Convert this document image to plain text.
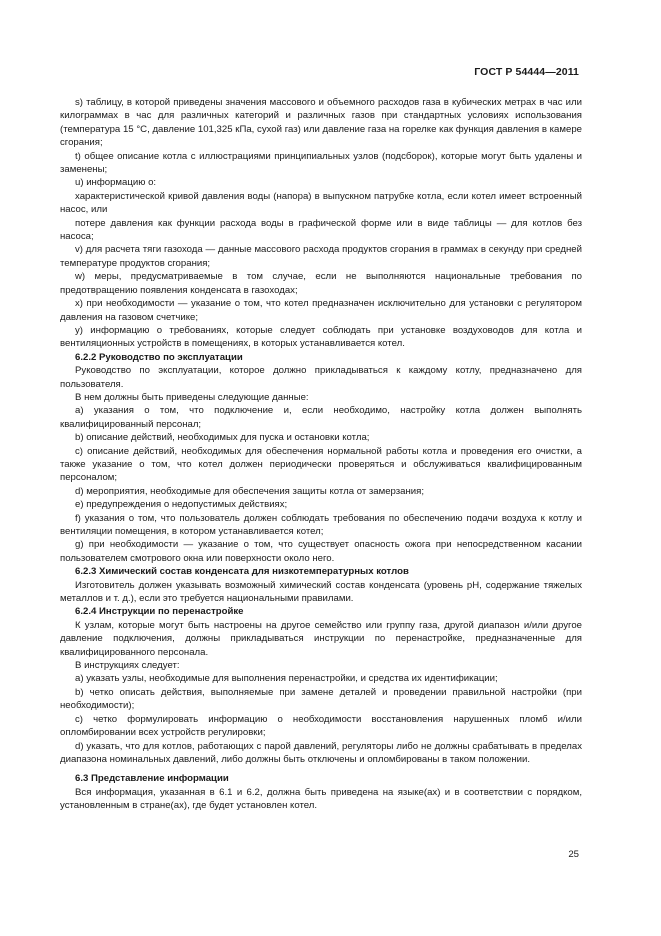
ГОСТ Р 54444—2011

s) таблицу, в которой приведены значения массового и объемного расходов газа в кубических метрах в час или килограммах в час для различных категорий и различных газов при стандартных условиях использования (температура 15 °C, давление 101,325 кПа, сухой газ) или давление газа на горелке как функция давления в камере сгорания;

t) общее описание котла с иллюстрациями принципиальных узлов (подсборок), которые могут быть удалены и заменены;

u) информацию о:

характеристической кривой давления воды (напора) в выпускном патрубке котла, если котел имеет встроенный насос, или

потере давления как функции расхода воды в графической форме или в виде таблицы — для котлов без насоса;

v) для расчета тяги газохода — данные массового расхода продуктов сгорания в граммах в секунду при средней температуре продуктов сгорания;

w) меры, предусматриваемые в том случае, если не выполняются национальные требования по предотвращению появления конденсата в газоходах;

x) при необходимости — указание о том, что котел предназначен исключительно для установки с регулятором давления на газовом счетчике;

y) информацию о требованиях, которые следует соблюдать при установке воздуховодов для котла и вентиляционных устройств в помещениях, в которых устанавливается котел.

6.2.2 Руководство по эксплуатации

Руководство по эксплуатации, которое должно прикладываться к каждому котлу, предназначено для пользователя.

В нем должны быть приведены следующие данные:

a) указания о том, что подключение и, если необходимо, настройку котла должен выполнять квалифицированный персонал;

b) описание действий, необходимых для пуска и остановки котла;

c) описание действий, необходимых для обеспечения нормальной работы котла и проведения его очистки, а также указание о том, что котел должен периодически проверяться и обслуживаться квалифицированным персоналом;

d) мероприятия, необходимые для обеспечения защиты котла от замерзания;

e) предупреждения о недопустимых действиях;

f) указания о том, что пользователь должен соблюдать требования по обеспечению подачи воздуха к котлу и вентиляции помещения, в котором устанавливается котел;

g) при необходимости — указание о том, что существует опасность ожога при непосредственном касании пользователем смотрового окна или поверхности около него.

6.2.3 Химический состав конденсата для низкотемпературных котлов

Изготовитель должен указывать возможный химический состав конденсата (уровень pH, содержание тяжелых металлов и т. д.), если это требуется национальными правилами.

6.2.4 Инструкции по перенастройке

К узлам, которые могут быть настроены на другое семейство или группу газа, другой диапазон и/или другое давление подключения, должны прикладываться инструкции по перенастройке, предназначенные для квалифицированного персонала.

В инструкциях следует:

a) указать узлы, необходимые для выполнения перенастройки, и средства их идентификации;

b) четко описать действия, выполняемые при замене деталей и проведении правильной настройки (при необходимости);

c) четко формулировать информацию о необходимости восстановления нарушенных пломб и/или опломбировании всех устройств регулировки;

d) указать, что для котлов, работающих с парой давлений, регуляторы либо не должны срабатывать в пределах диапазона номинальных давлений, либо должны быть отключены и опломбированы в таком положении.

6.3 Представление информации

Вся информация, указанная в 6.1 и 6.2, должна быть приведена на языке(ах) и в соответствии с порядком, установленным в стране(ах), где будет установлен котел.

25
